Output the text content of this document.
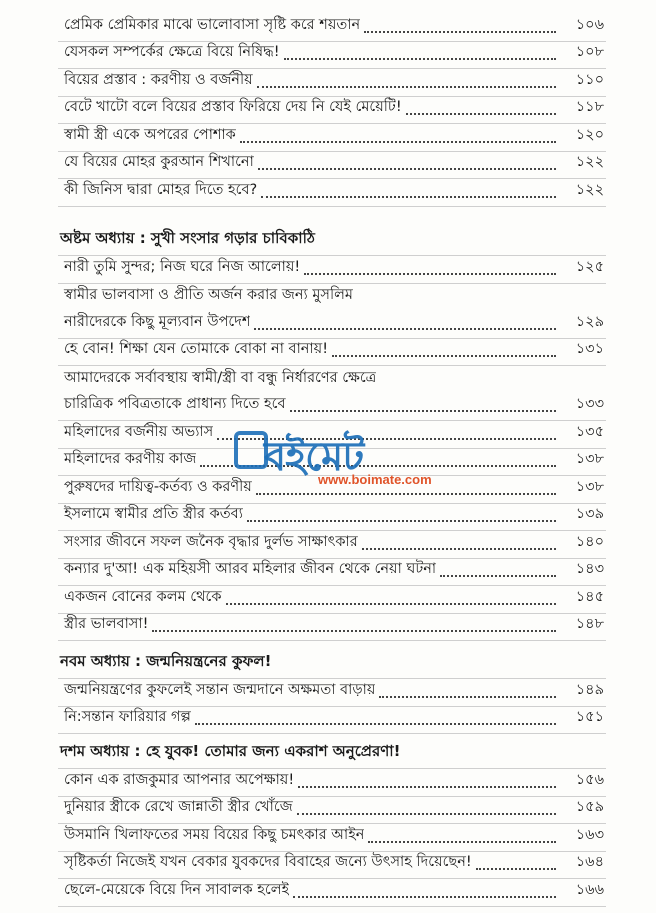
প্রেমিক প্রেমিকার মাঝে ভালোবাসা সৃষ্টি করে শয়তান	১০৬
যেসকল সম্পর্কের ক্ষেত্রে বিয়ে নিষিদ্ধ!	১০৮
বিয়ের প্রস্তাব : করণীয় ও বর্জনীয়	১১০
বেটে খাটো বলে বিয়ের প্রস্তাব ফিরিয়ে দেয় নি যেই মেয়েটি!	১১৮
স্বামী স্ত্রী একে অপরের পোশাক	১২০
যে বিয়ের মোহর কুরআন শিখানো	১২২
কী জিনিস দ্বারা মোহর দিতে হবে?	১২২
অষ্টম অধ্যায় : সুখী সংসার গড়ার চাবিকাঠি
নারী তুমি সুন্দর; নিজ ঘরে নিজ আলোয়!	১২৫
স্বামীর ভালবাসা ও প্রীতি অর্জন করার জন্য মুসলিম
নারীদেরকে কিছু মূল্যবান উপদেশ	১২৯
হে বোন! শিক্ষা যেন তোমাকে বোকা না বানায়!	১৩১
আমাদেরকে সর্বাবস্থায় স্বামী/স্ত্রী বা বন্ধু নির্ধারণের ক্ষেত্রে
চারিত্রিক পবিত্রতাকে প্রাধান্য দিতে হবে	১৩৩
মহিলাদের বর্জনীয় অভ্যাস	১৩৫
মহিলাদের করণীয় কাজ	১৩৮
পুরুষদের দায়িত্ব-কর্তব্য ও করণীয়	১৩৮
ইসলামে স্বামীর প্রতি স্ত্রীর কর্তব্য	১৩৯
সংসার জীবনে সফল জনৈক বৃদ্ধার দুর্লভ সাক্ষাৎকার	১৪০
কন্যার দু'আ! এক মহিয়সী আরব মহিলার জীবন থেকে নেয়া ঘটনা	১৪৩
একজন বোনের কলম থেকে	১৪৫
স্ত্রীর ভালবাসা!	১৪৮
নবম অধ্যায় : জন্মনিয়ন্ত্রনের কুফল!
জন্মনিয়ন্ত্রণের কুফলেই সন্তান জন্মদানে অক্ষমতা বাড়ায়	১৪৯
নি:সন্তান ফারিয়ার গল্প	১৫১
দশম অধ্যায় : হে যুবক! তোমার জন্য একরাশ অনুপ্রেরণা!
কোন এক রাজকুমার আপনার অপেক্ষায়!	১৫৬
দুনিয়ার স্ত্রীকে রেখে জান্নাতী স্ত্রীর খোঁজে	১৫৯
উসমানি খিলাফতের সময় বিয়ের কিছু চমৎকার আইন	১৬৩
সৃষ্টিকর্তা নিজেই যখন বেকার যুবকদের বিবাহের জন্যে উৎসাহ দিয়েছেন!	১৬৪
ছেলে-মেয়েকে বিয়ে দিন সাবালক হলেই	১৬৬
বইমেট
www.boimate.com
